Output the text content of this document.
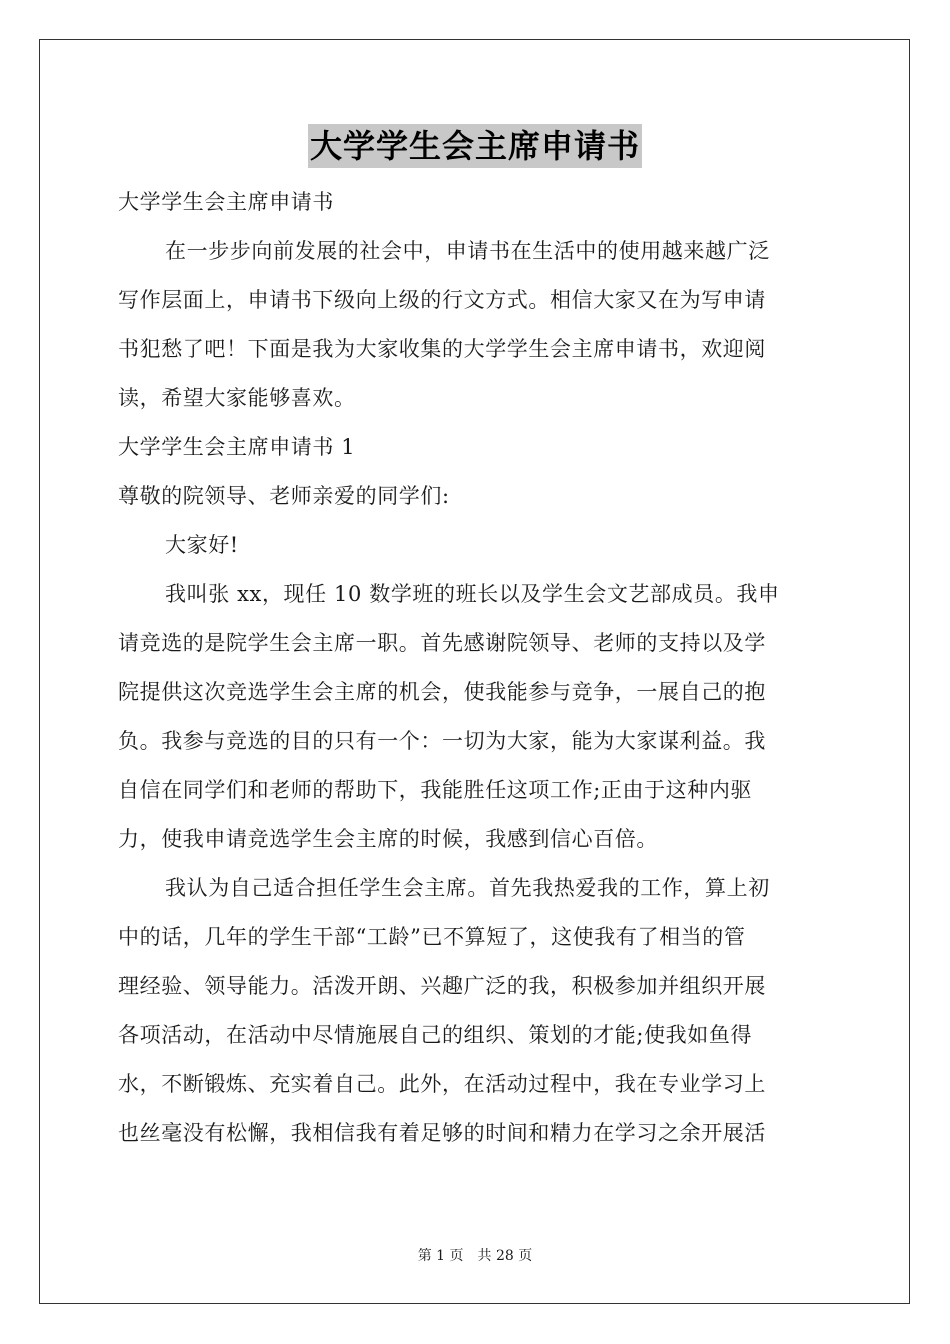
大学学生会主席申请书
大学学生会主席申请书
在一步步向前发展的社会中，申请书在生活中的使用越来越广泛
写作层面上，申请书下级向上级的行文方式。相信大家又在为写申请
书犯愁了吧！下面是我为大家收集的大学学生会主席申请书，欢迎阅
读，希望大家能够喜欢。
大学学生会主席申请书 1
尊敬的院领导、老师亲爱的同学们:
大家好!
我叫张 xx，现任 10 数学班的班长以及学生会文艺部成员。我申
请竞选的是院学生会主席一职。首先感谢院领导、老师的支持以及学
院提供这次竞选学生会主席的机会，使我能参与竞争，一展自己的抱
负。我参与竞选的目的只有一个：一切为大家，能为大家谋利益。我
自信在同学们和老师的帮助下，我能胜任这项工作;正由于这种内驱
力，使我申请竞选学生会主席的时候，我感到信心百倍。
我认为自己适合担任学生会主席。首先我热爱我的工作，算上初
中的话，几年的学生干部“工龄”已不算短了，这使我有了相当的管
理经验、领导能力。活泼开朗、兴趣广泛的我，积极参加并组织开展
各项活动，在活动中尽情施展自己的组织、策划的才能;使我如鱼得
水，不断锻炼、充实着自己。此外，在活动过程中，我在专业学习上
也丝毫没有松懈，我相信我有着足够的时间和精力在学习之余开展活
第 1 页 共 28 页
